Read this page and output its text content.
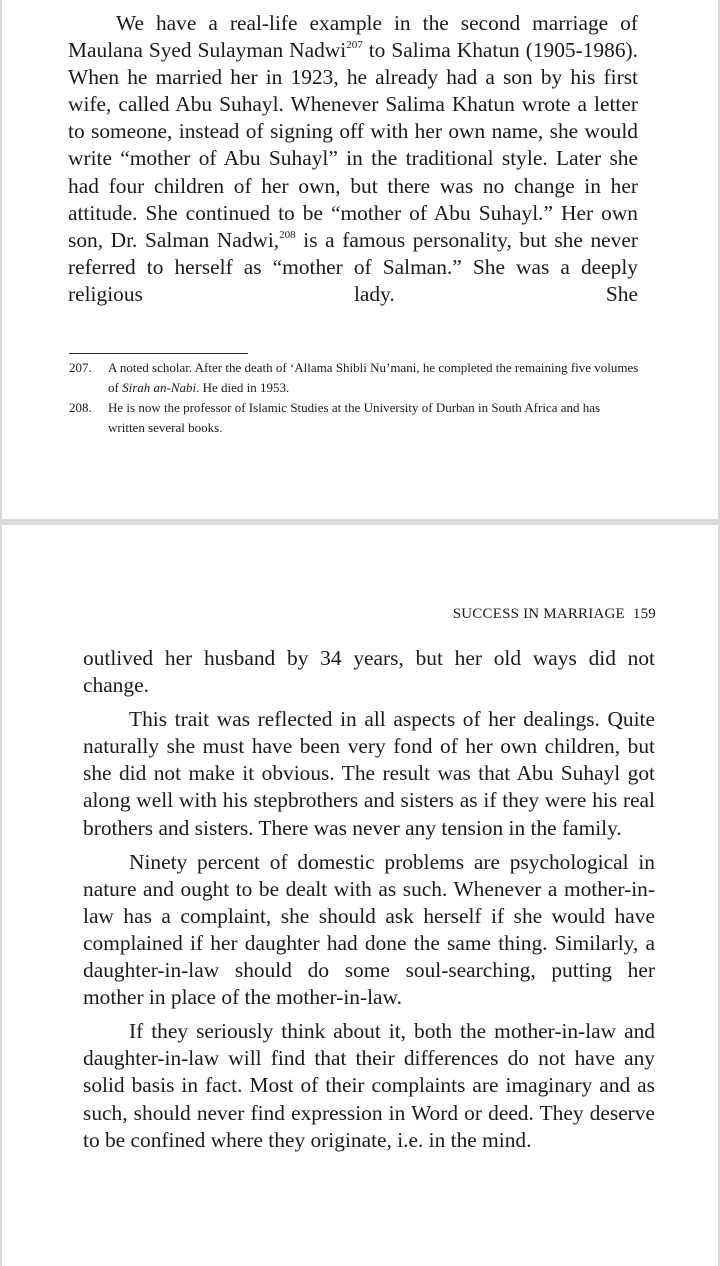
We have a real-life example in the second marriage of Maulana Syed Sulayman Nadwi$^{207}$ to Salima Khatun (1905-1986). When he married her in 1923, he already had a son by his first wife, called Abu Suhayl. Whenever Salima Khatun wrote a letter to someone, instead of signing off with her own name, she would write “mother of Abu Suhayl” in the traditional style. Later she had four children of her own, but there was no change in her attitude. She continued to be “mother of Abu Suhayl.” Her own son, Dr. Salman Nadwi,$^{208}$ is a famous personality, but she never referred to herself as “mother of Salman.” She was a deeply religious lady. She

207. A noted scholar. After the death of ‘Allama Shibli Nu’mani, he completed the remaining five volumes of Sirah an-Nabi. He died in 1953.
208. He is now the professor of Islamic Studies at the University of Durban in South Africa and has written several books.
SUCCESS IN MARRIAGE 159

outlived her husband by 34 years, but her old ways did not change.

This trait was reflected in all aspects of her dealings. Quite naturally she must have been very fond of her own children, but she did not make it obvious. The result was that Abu Suhayl got along well with his stepbrothers and sisters as if they were his real brothers and sisters. There was never any tension in the family.

Ninety percent of domestic problems are psychological in nature and ought to be dealt with as such. Whenever a mother-in-law has a complaint, she should ask herself if she would have complained if her daughter had done the same thing. Similarly, a daughter-in-law should do some soul-searching, putting her mother in place of the mother-in-law.

If they seriously think about it, both the mother-in-law and daughter-in-law will find that their differences do not have any solid basis in fact. Most of their complaints are imaginary and as such, should never find expression in Word or deed. They deserve to be confined where they originate, i.e. in the mind.
